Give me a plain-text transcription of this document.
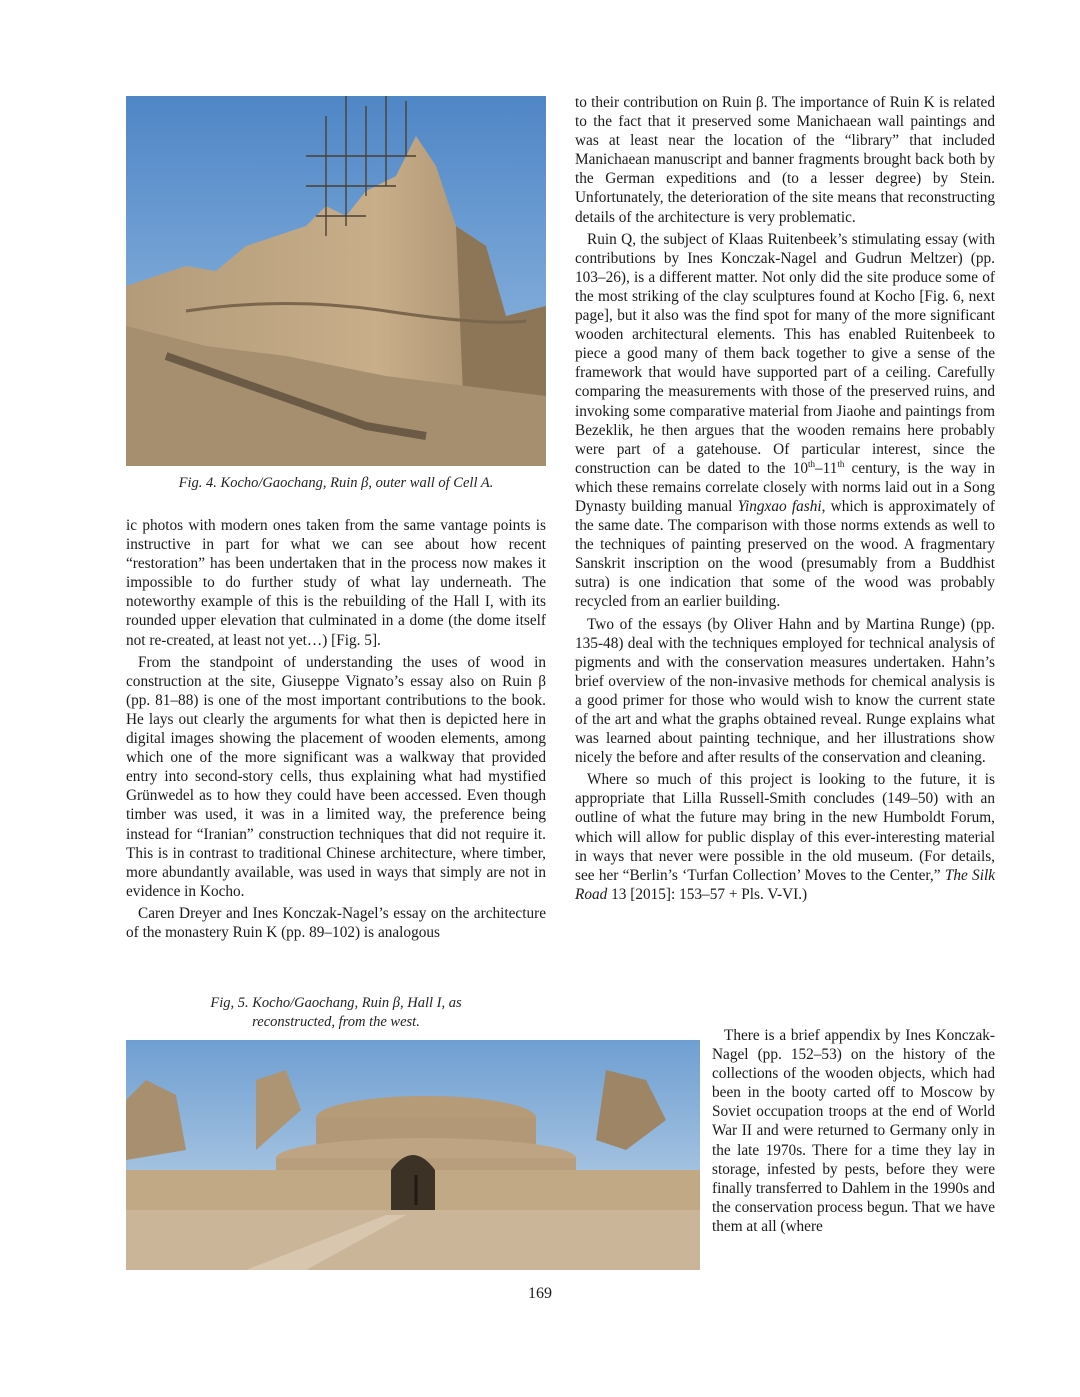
Fig. 4. Kocho/Gaochang, Ruin β, outer wall of Cell A.

ic photos with modern ones taken from the same vantage points is instructive in part for what we can see about how recent “restoration” has been undertaken that in the process now makes it impossible to do further study of what lay underneath. The noteworthy example of this is the rebuilding of the Hall I, with its rounded upper elevation that culminated in a dome (the dome itself not re-created, at least not yet…) [Fig. 5].

From the standpoint of understanding the uses of wood in construction at the site, Giuseppe Vignato’s essay also on Ruin β (pp. 81–88) is one of the most important contributions to the book. He lays out clearly the arguments for what then is depicted here in digital images showing the placement of wooden elements, among which one of the more significant was a walkway that provided entry into second-story cells, thus explaining what had mystified Grünwedel as to how they could have been accessed. Even though timber was used, it was in a limited way, the preference being instead for “Iranian” construction techniques that did not require it. This is in contrast to traditional Chinese architecture, where timber, more abundantly available, was used in ways that simply are not in evidence in Kocho.

Caren Dreyer and Ines Konczak-Nagel’s essay on the architecture of the monastery Ruin K (pp. 89–102) is analogous

Fig, 5. Kocho/Gaochang, Ruin β, Hall I, as
reconstructed, from the west.

to their contribution on Ruin β. The importance of Ruin K is related to the fact that it preserved some Manichaean wall paintings and was at least near the location of the “library” that included Manichaean manuscript and banner fragments brought back both by the German expeditions and (to a lesser degree) by Stein. Unfortunately, the deterioration of the site means that reconstructing details of the architecture is very problematic.

Ruin Q, the subject of Klaas Ruitenbeek’s stimulating essay (with contributions by Ines Konczak-Nagel and Gudrun Meltzer) (pp. 103–26), is a different matter. Not only did the site produce some of the most striking of the clay sculptures found at Kocho [Fig. 6, next page], but it also was the find spot for many of the more significant wooden architectural elements. This has enabled Ruitenbeek to piece a good many of them back together to give a sense of the framework that would have supported part of a ceiling. Carefully comparing the measurements with those of the preserved ruins, and invoking some comparative material from Jiaohe and paintings from Bezeklik, he then argues that the wooden remains here probably were part of a gatehouse. Of particular interest, since the construction can be dated to the 10th–11th century, is the way in which these remains correlate closely with norms laid out in a Song Dynasty building manual Yingxao fashi, which is approximately of the same date. The comparison with those norms extends as well to the techniques of painting preserved on the wood. A fragmentary Sanskrit inscription on the wood (presumably from a Buddhist sutra) is one indication that some of the wood was probably recycled from an earlier building.

Two of the essays (by Oliver Hahn and by Martina Runge) (pp. 135-48) deal with the techniques employed for technical analysis of pigments and with the conservation measures undertaken. Hahn’s brief overview of the non-invasive methods for chemical analysis is a good primer for those who would wish to know the current state of the art and what the graphs obtained reveal. Runge explains what was learned about painting technique, and her illustrations show nicely the before and after results of the conservation and cleaning.

Where so much of this project is looking to the future, it is appropriate that Lilla Russell-Smith concludes (149–50) with an outline of what the future may bring in the new Humboldt Forum, which will allow for public display of this ever-interesting material in ways that never were possible in the old museum. (For details, see her “Berlin’s ‘Turfan Collection’ Moves to the Center,” The Silk Road 13 [2015]: 153–57 + Pls. V-VI.)

There is a brief appendix by Ines Konczak-Nagel (pp. 152–53) on the history of the collections of the wooden objects, which had been in the booty carted off to Moscow by Soviet occupation troops at the end of World War II and were returned to Germany only in the late 1970s. There for a time they lay in storage, infested by pests, before they were finally transferred to Dahlem in the 1990s and the conservation process begun. That we have them at all (where

169
